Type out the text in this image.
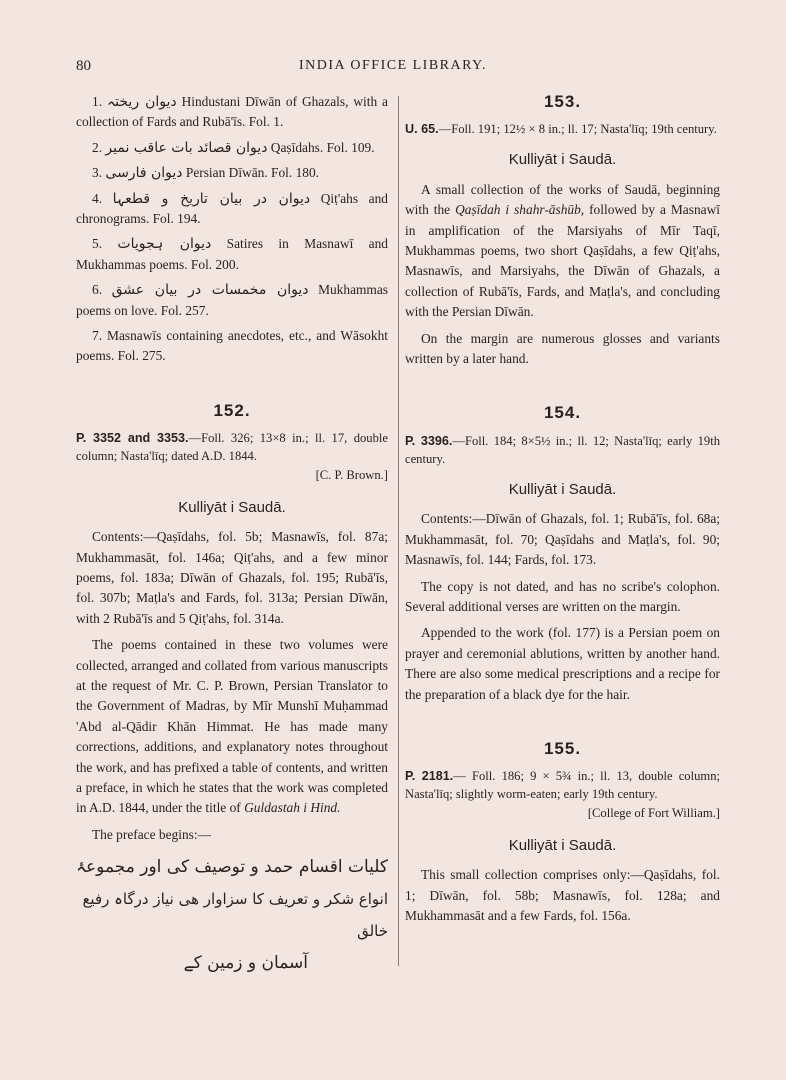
80	INDIA OFFICE LIBRARY.

1. دیوان ریختہ Hindustani Dīwān of Ghazals, with a collection of Fards and Rubā'īs. Fol. 1.

2. دیوان قصائد بات عاقب نمیر Qaṣīdahs. Fol. 109.

3. دیوان فارسی Persian Dīwān. Fol. 180.

4. دیوان در بیان تاریخ و قطعہا Qiṭ'ahs and chronograms. Fol. 194.

5. دیوان ہجویات Satires in Masnawī and Mukhammas poems. Fol. 200.

6. دیوان مخمسات در بیان عشق Mukhammas poems on love. Fol. 257.

7. Masnawīs containing anecdotes, etc., and Wāsokht poems. Fol. 275.

152.

P. 3352 and 3353.—Foll. 326; 13×8 in.; ll. 17, double column; Nasta'līq; dated A.D. 1844.

[C. P. Brown.]
Kulliyāt i Saudā.

Contents:—Qaṣīdahs, fol. 5b; Masnawīs, fol. 87a; Mukhammasāt, fol. 146a; Qiṭ'ahs, and a few minor poems, fol. 183a; Dīwān of Ghazals, fol. 195; Rubā'īs, fol. 307b; Maṭla's and Fards, fol. 313a; Persian Dīwān, with 2 Rubā'īs and 5 Qiṭ'ahs, fol. 314a.

The poems contained in these two volumes were collected, arranged and collated from various manuscripts at the request of Mr. C. P. Brown, Persian Translator to the Government of Madras, by Mīr Munshī Muḥammad 'Abd al-Qādir Khān Himmat. He has made many corrections, additions, and explanatory notes throughout the work, and has prefixed a table of contents, and written a preface, in which he states that the work was completed in A.D. 1844, under the title of Guldastah i Hind.

The preface begins:—

کلیات اقسام حمد و توصیف کی اور مجموعۂ
انواع شکر و تعریف کا سزاوار هی نیاز درگاہ رفیع خالق
آسمان و زمین کے
153.

U. 65.—Foll. 191; 12½ × 8 in.; ll. 17; Nasta'līq; 19th century.

Kulliyāt i Saudā.

A small collection of the works of Saudā, beginning with the Qaṣīdah i shahr-āshūb, followed by a Masnawī in amplification of the Marsiyahs of Mīr Taqī, Mukhammas poems, two short Qaṣīdahs, a few Qiṭ'ahs, Masnawīs, and Marsiyahs, the Dīwān of Ghazals, a collection of Rubā'īs, Fards, and Maṭla's, and concluding with the Persian Dīwān.

On the margin are numerous glosses and variants written by a later hand.

154.

P. 3396.—Foll. 184; 8×5½ in.; ll. 12; Nasta'līq; early 19th century.

Kulliyāt i Saudā.

Contents:—Dīwān of Ghazals, fol. 1; Rubā'īs, fol. 68a; Mukhammasāt, fol. 70; Qaṣīdahs and Maṭla's, fol. 90; Masnawīs, fol. 144; Fards, fol. 173.

The copy is not dated, and has no scribe's colophon. Several additional verses are written on the margin.

Appended to the work (fol. 177) is a Persian poem on prayer and ceremonial ablutions, written by another hand. There are also some medical prescriptions and a recipe for the preparation of a black dye for the hair.

155.

P. 2181.— Foll. 186; 9 × 5¾ in.; ll. 13, double column; Nasta'līq; slightly worm-eaten; early 19th century.

[College of Fort William.]
Kulliyāt i Saudā.

This small collection comprises only:—Qaṣīdahs, fol. 1; Dīwān, fol. 58b; Masnawīs, fol. 128a; and Mukhammasāt and a few Fards, fol. 156a.
